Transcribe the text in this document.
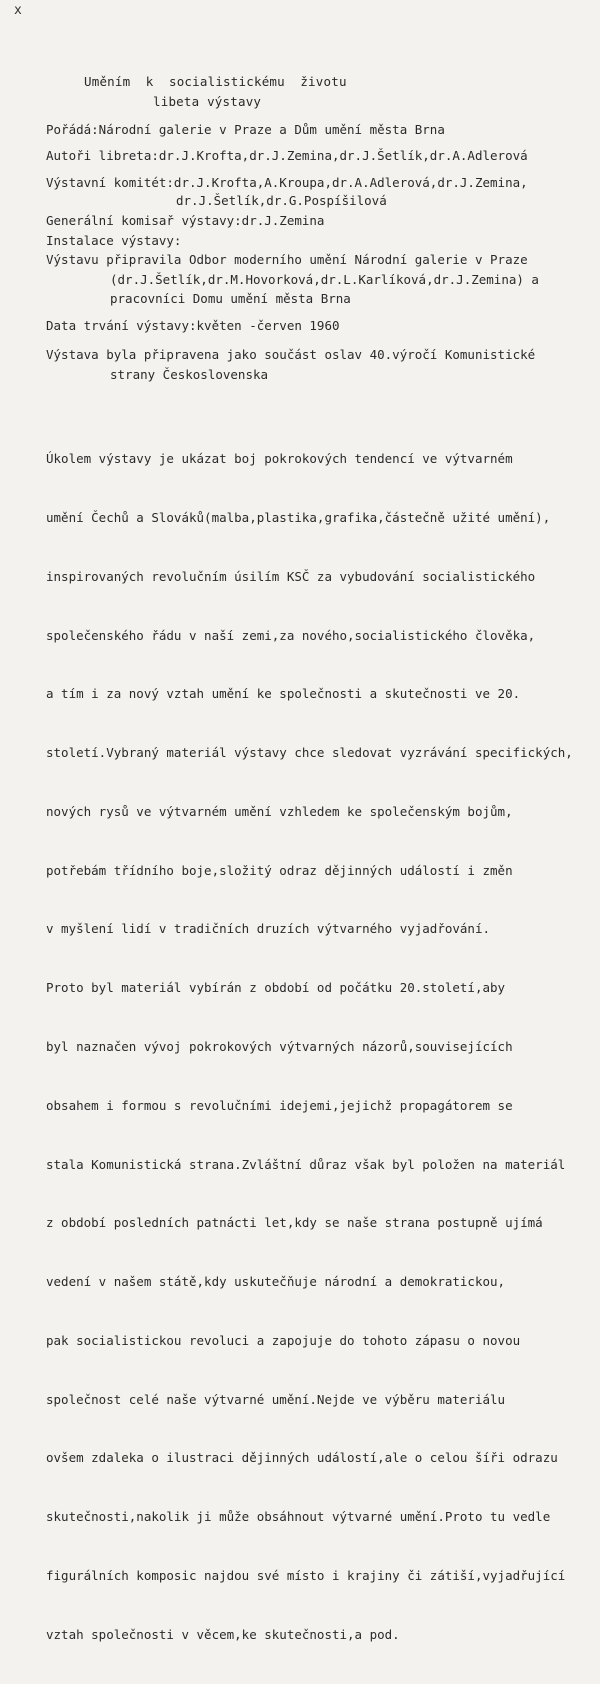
x
Uměním  k  socialistickému  životu
libeta výstavy
Pořádá:Národní galerie v Praze a Dům umění města Brna
Autoři libreta:dr.J.Krofta,dr.J.Zemina,dr.J.Šetlík,dr.A.Adlerová
Výstavní komitét:dr.J.Krofta,A.Kroupa,dr.A.Adlerová,dr.J.Zemina,
dr.J.Šetlík,dr.G.Pospíšilová
Generální komisař výstavy:dr.J.Zemina
Instalace výstavy:
Výstavu připravila Odbor moderního umění Národní galerie v Praze
(dr.J.Šetlík,dr.M.Hovorková,dr.L.Karlíková,dr.J.Zemina) a
pracovníci Domu umění města Brna
Data trvání výstavy:květen -červen 1960
Výstava byla připravena jako součást oslav 40.výročí Komunistické
strany Československa

Úkolem výstavy je ukázat boj pokrokových tendencí ve výtvarném

umění Čechů a Slováků(malba,plastika,grafika,částečně užité umění),

inspirovaných revolučním úsilím KSČ za vybudování socialistického

společenského řádu v naší zemi,za nového,socialistického člověka,

a tím i za nový vztah umění ke společnosti a skutečnosti ve 20.

století.Vybraný materiál výstavy chce sledovat vyzrávání specifických,

nových rysů ve výtvarném umění vzhledem ke společenským bojům,

potřebám třídního boje,složitý odraz dějinných událostí i změn

v myšlení lidí v tradičních druzích výtvarného vyjadřování.

Proto byl materiál vybírán z období od počátku 20.století,aby

byl naznačen vývoj pokrokových výtvarných názorů,souvisejících

obsahem i formou s revolučními idejemi,jejichž propagátorem se

stala Komunistická strana.Zvláštní důraz však byl položen na materiál

z období posledních patnácti let,kdy se naše strana postupně ujímá

vedení v našem státě,kdy uskutečňuje národní a demokratickou,

pak socialistickou revoluci a zapojuje do tohoto zápasu o novou

společnost celé naše výtvarné umění.Nejde ve výběru materiálu

ovšem zdaleka o ilustraci dějinných událostí,ale o celou šíři odrazu

skutečnosti,nakolik ji může obsáhnout výtvarné umění.Proto tu vedle

figurálních komposic najdou své místo i krajiny či zátiší,vyjadřující

vztah společnosti v věcem,ke skutečnosti,a pod.
